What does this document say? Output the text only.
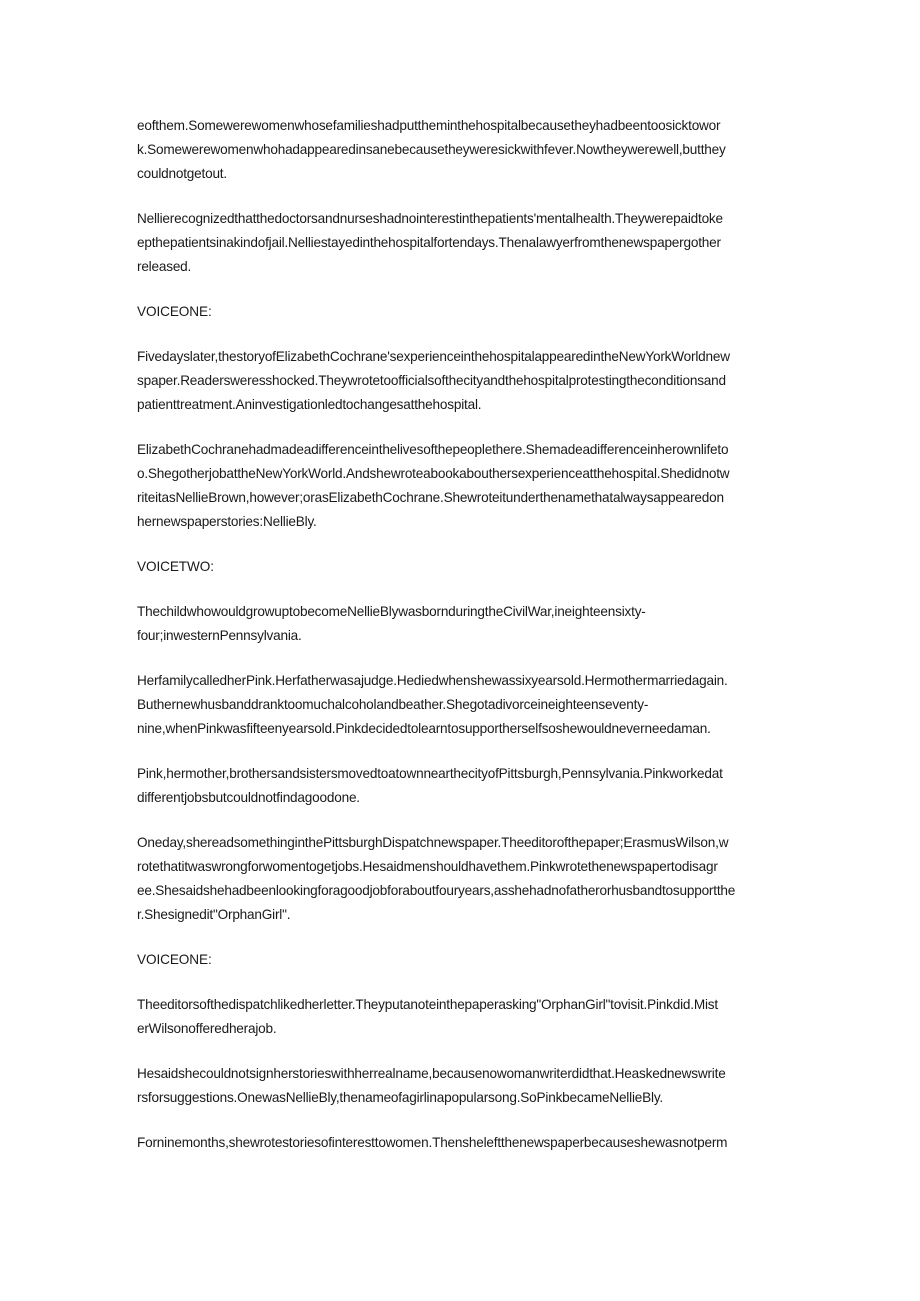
eofthem.Somewerewomenwhosefamilieshadputtheminthehospitalbecausetheyhadbeentoosicktowor
k.Somewerewomenwhohadappearedinsanebecausetheyweresickwithfever.Nowtheywerewell,butthey
couldnotgetout.
Nellierecognizedthatthedoctorsandnurseshadnointerestinthepatients'mentalhealth.Theywerepaidtoke
epthepatientsinakindofjail.Nelliestayedinthehospitalfortendays.Thenalawyerfromthenewspapergother
released.

VOICEONE:

Fivedayslater,thestoryofElizabethCochrane'sexperienceinthehospitalappearedintheNewYorkWorldnew
spaper.Readersweresshocked.Theywrotetoofficialsofthecityandthehospitalprotestingtheconditionsand
patienttreatment.Aninvestigationledtochangesatthehospital.
ElizabethCochranehadmadeadifferenceinthelivesofthepeoplethere.Shemadeadifferenceinherownlifeto
o.ShegotherjobattheNewYorkWorld.Andshewroteabookabouthersexperienceatthehospital.Shedidnotw
riteitasNellieBrown,however;orasElizabethCochrane.Shewroteitunderthenamethatalwaysappearedon
hernewspaperstories:NellieBly.

VOICETWO:

ThechildwhowouldgrowuptobecomeNellieBlywasbornduringtheCivilWar,ineighteensixty-
four;inwesternPennsylvania.
HerfamilycalledherPink.Herfatherwasajudge.Hediedwhenshewassixyearsold.Hermothermarriedagain.
Buthernewhusbanddranktoomuchalcoholandbeather.Shegotadivorceineighteenseventy-
nine,whenPinkwasfifteenyearsold.Pinkdecidedtolearntosupportherselfsoshewouldneverneedaman.
Pink,hermother,brothersandsistersmovedtoatownnearthecityofPittsburgh,Pennsylvania.Pinkworkedat
differentjobsbutcouldnotfindagoodone.
Oneday,shereadsomethinginthePittsburghDispatchnewspaper.Theeditorofthepaper;ErasmusWilson,w
rotethatitwaswrongforwomentogetjobs.Hesaidmenshouldhavethem.Pinkwrotethenewspapertodisagr
ee.Shesaidshehadbeenlookingforagoodjobforaboutfouryears,asshehadnofatherorhusbandtosupportthe
r.Shesignedit"OrphanGirl".

VOICEONE:

Theeditorsofthedispatchlikedherletter.Theyputanoteinthepaperasking"OrphanGirl"tovisit.Pinkdid.Mist
erWilsonofferedherajob.
Hesaidshecouldnotsignherstorieswithherrealname,becausenowomanwriterdidthat.Heaskednewswrite
rsforsuggestions.OnewasNellieBly,thenameofagirlinapopularsong.SoPinkbecameNellieBly.
Forninemonths,shewrotestoriesofinteresttowomen.Thensheleftthenewspaperbecauseshewasnotperm
